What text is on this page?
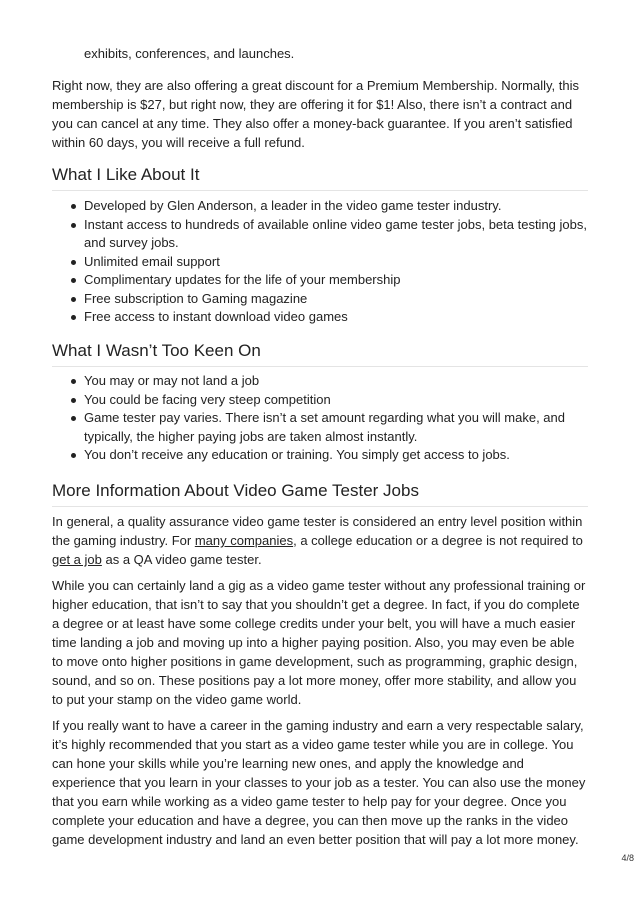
exhibits, conferences, and launches.

Right now, they are also offering a great discount for a Premium Membership. Normally, this membership is $27, but right now, they are offering it for $1! Also, there isn’t a contract and you can cancel at any time. They also offer a money-back guarantee. If you aren’t satisfied within 60 days, you will receive a full refund.

What I Like About It
Developed by Glen Anderson, a leader in the video game tester industry.
Instant access to hundreds of available online video game tester jobs, beta testing jobs, and survey jobs.
Unlimited email support
Complimentary updates for the life of your membership
Free subscription to Gaming magazine
Free access to instant download video games
What I Wasn’t Too Keen On
You may or may not land a job
You could be facing very steep competition
Game tester pay varies. There isn’t a set amount regarding what you will make, and typically, the higher paying jobs are taken almost instantly.
You don’t receive any education or training. You simply get access to jobs.
More Information About Video Game Tester Jobs

In general, a quality assurance video game tester is considered an entry level position within the gaming industry. For many companies, a college education or a degree is not required to get a job as a QA video game tester.

While you can certainly land a gig as a video game tester without any professional training or higher education, that isn’t to say that you shouldn’t get a degree. In fact, if you do complete a degree or at least have some college credits under your belt, you will have a much easier time landing a job and moving up into a higher paying position. Also, you may even be able to move onto higher positions in game development, such as programming, graphic design, sound, and so on. These positions pay a lot more money, offer more stability, and allow you to put your stamp on the video game world.

If you really want to have a career in the gaming industry and earn a very respectable salary, it’s highly recommended that you start as a video game tester while you are in college. You can hone your skills while you’re learning new ones, and apply the knowledge and experience that you learn in your classes to your job as a tester. You can also use the money that you earn while working as a video game tester to help pay for your degree. Once you complete your education and have a degree, you can then move up the ranks in the video game development industry and land an even better position that will pay a lot more money.

4/8
